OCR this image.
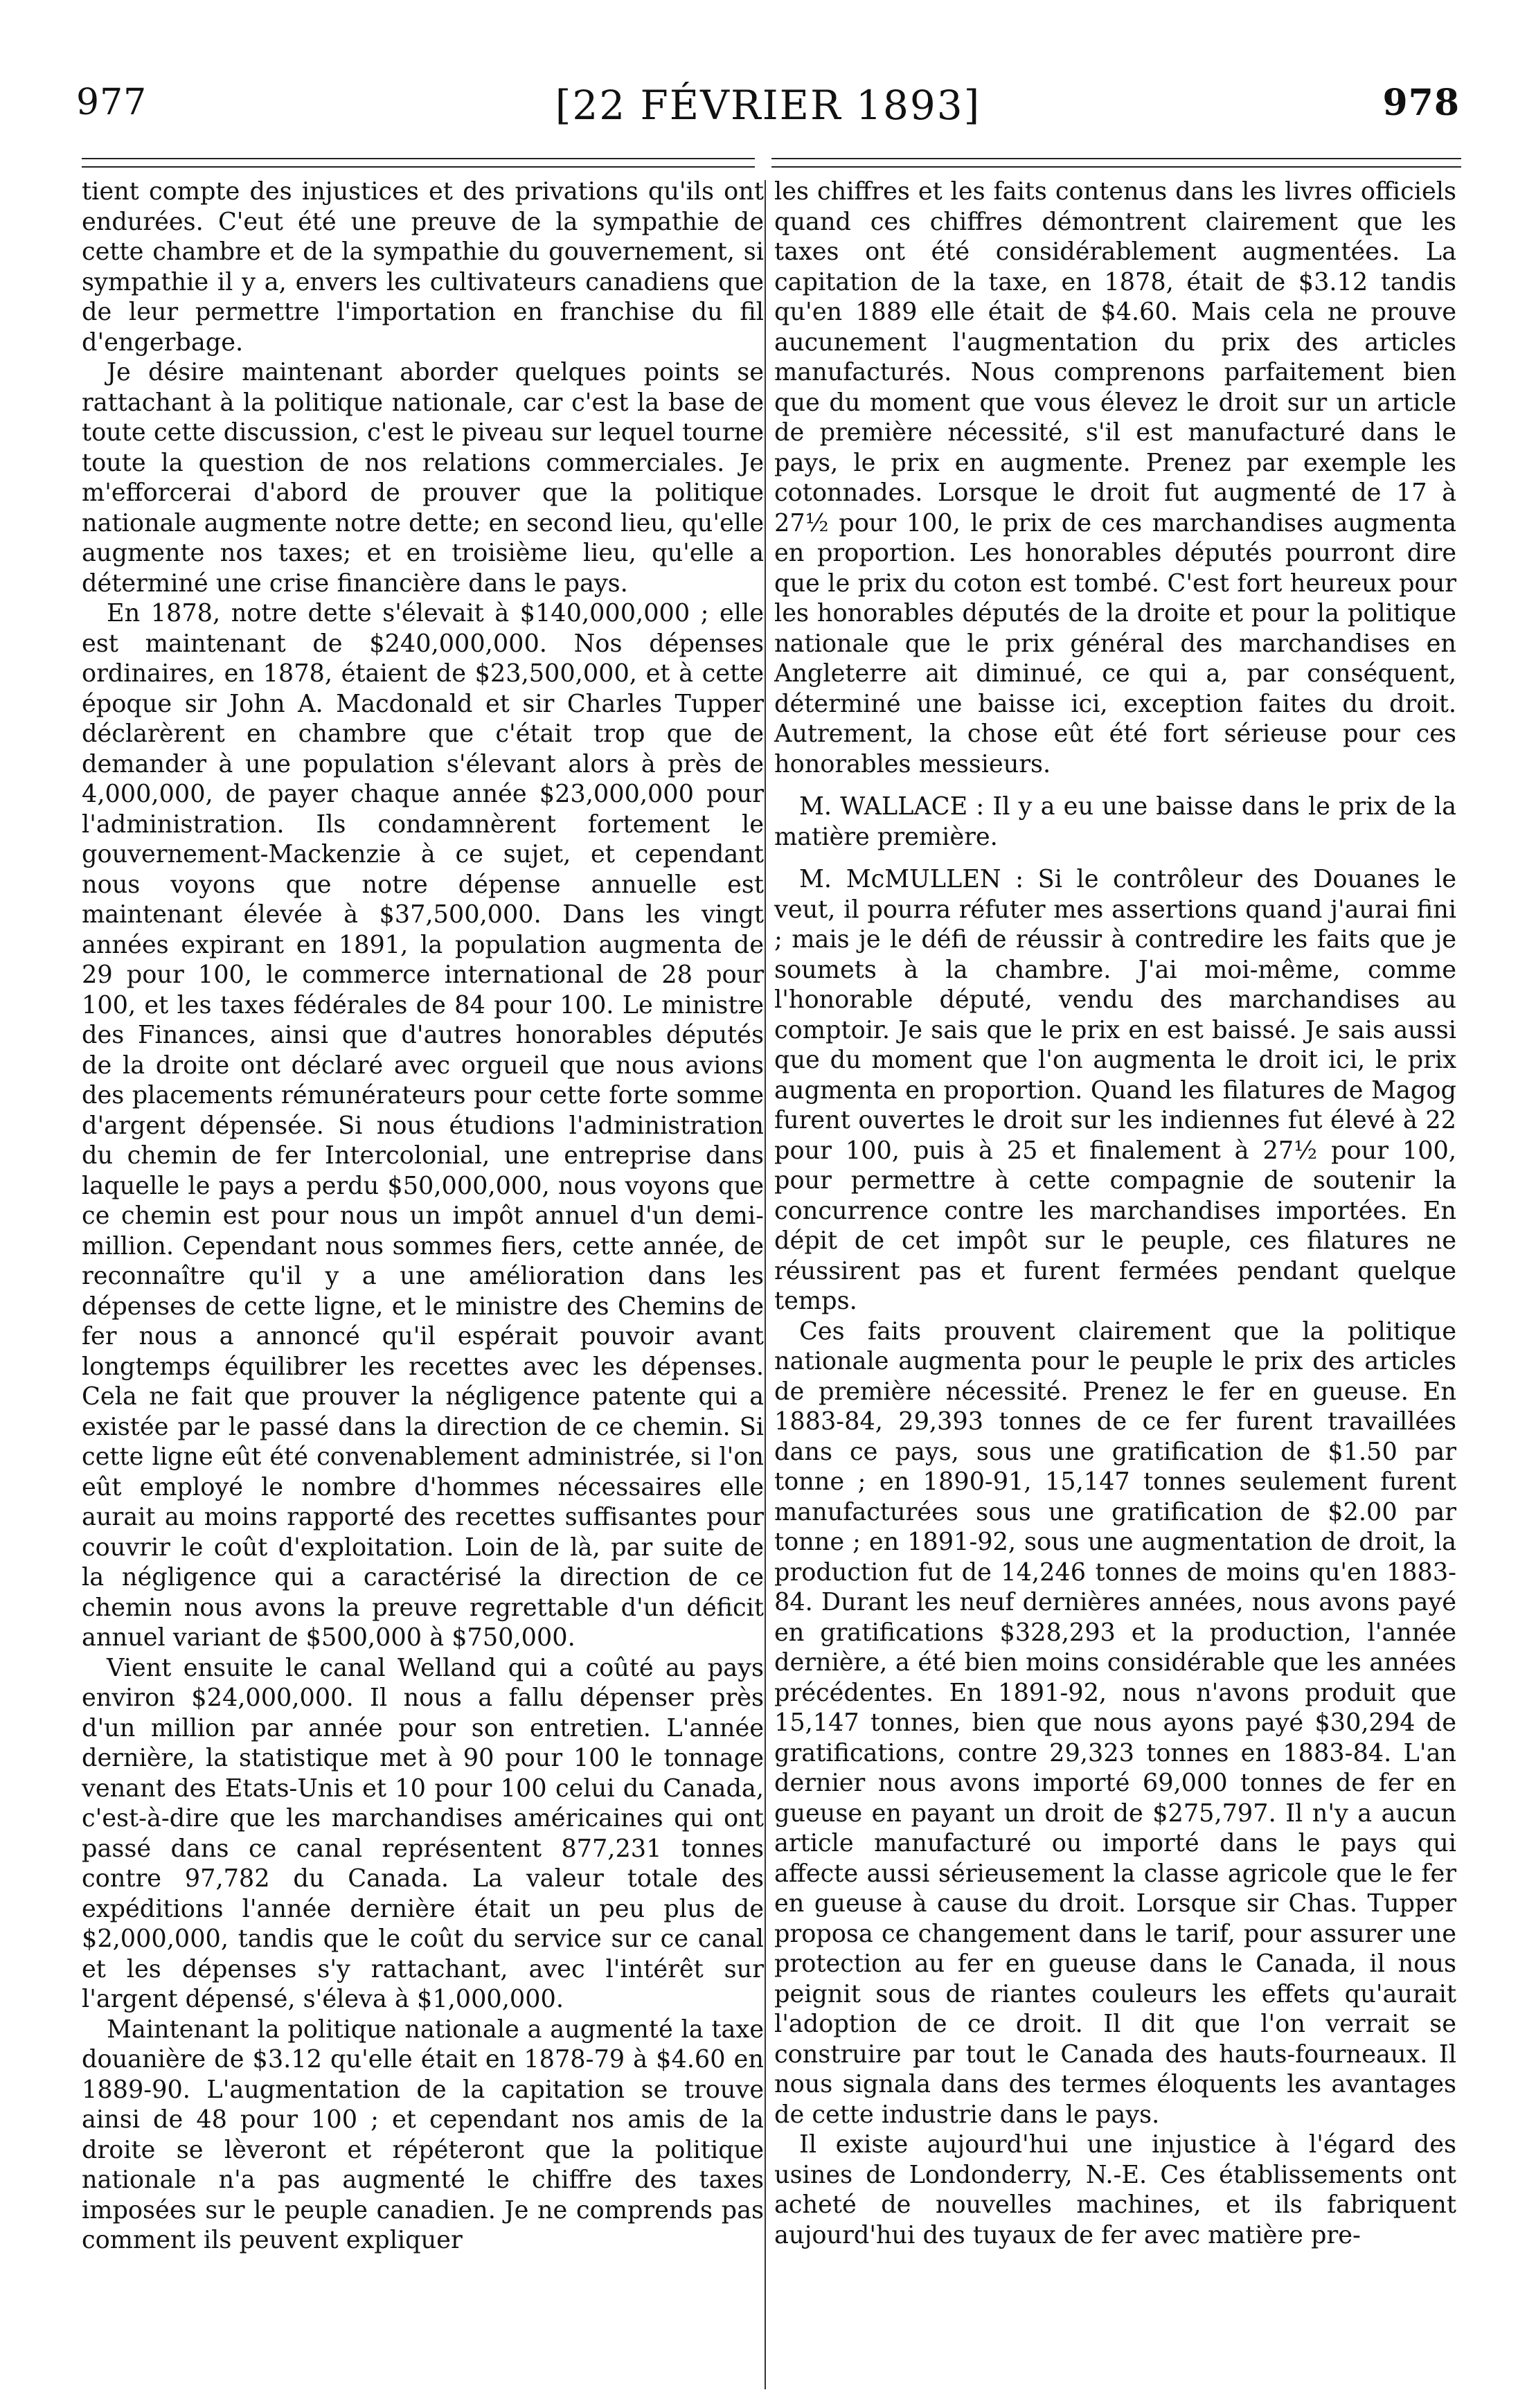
977	[22 FÉVRIER 1893]	978

tient compte des injustices et des privations qu'ils ont endurées. C'eut été une preuve de la sympathie de cette chambre et de la sympathie du gouvernement, si sympathie il y a, envers les cultivateurs canadiens que de leur permettre l'importation en franchise du fil d'engerbage.

Je désire maintenant aborder quelques points se rattachant à la politique nationale, car c'est la base de toute cette discussion, c'est le piveau sur lequel tourne toute la question de nos relations commerciales. Je m'efforcerai d'abord de prouver que la politique nationale augmente notre dette; en second lieu, qu'elle augmente nos taxes; et en troisième lieu, qu'elle a déterminé une crise financière dans le pays.

En 1878, notre dette s'élevait à $140,000,000 ; elle est maintenant de $240,000,000. Nos dépenses ordinaires, en 1878, étaient de $23,500,000, et à cette époque sir John A. Macdonald et sir Charles Tupper déclarèrent en chambre que c'était trop que de demander à une population s'élevant alors à près de 4,000,000, de payer chaque année $23,000,000 pour l'administration. Ils condamnèrent fortement le gouvernement-Mackenzie à ce sujet, et cependant nous voyons que notre dépense annuelle est maintenant élevée à $37,500,000. Dans les vingt années expirant en 1891, la population augmenta de 29 pour 100, le commerce international de 28 pour 100, et les taxes fédérales de 84 pour 100. Le ministre des Finances, ainsi que d'autres honorables députés de la droite ont déclaré avec orgueil que nous avions des placements rémunérateurs pour cette forte somme d'argent dépensée. Si nous étudions l'administration du chemin de fer Intercolonial, une entreprise dans laquelle le pays a perdu $50,000,000, nous voyons que ce chemin est pour nous un impôt annuel d'un demi-million. Cependant nous sommes fiers, cette année, de reconnaître qu'il y a une amélioration dans les dépenses de cette ligne, et le ministre des Chemins de fer nous a annoncé qu'il espérait pouvoir avant longtemps équilibrer les recettes avec les dépenses. Cela ne fait que prouver la négligence patente qui a existée par le passé dans la direction de ce chemin. Si cette ligne eût été convenablement administrée, si l'on eût employé le nombre d'hommes nécessaires elle aurait au moins rapporté des recettes suffisantes pour couvrir le coût d'exploitation. Loin de là, par suite de la négligence qui a caractérisé la direction de ce chemin nous avons la preuve regrettable d'un déficit annuel variant de $500,000 à $750,000.

Vient ensuite le canal Welland qui a coûté au pays environ $24,000,000. Il nous a fallu dépenser près d'un million par année pour son entretien. L'année dernière, la statistique met à 90 pour 100 le tonnage venant des Etats-Unis et 10 pour 100 celui du Canada, c'est-à-dire que les marchandises américaines qui ont passé dans ce canal représentent 877,231 tonnes contre 97,782 du Canada. La valeur totale des expéditions l'année dernière était un peu plus de $2,000,000, tandis que le coût du service sur ce canal et les dépenses s'y rattachant, avec l'intérêt sur l'argent dépensé, s'éleva à $1,000,000.

Maintenant la politique nationale a augmenté la taxe douanière de $3.12 qu'elle était en 1878-79 à $4.60 en 1889-90. L'augmentation de la capitation se trouve ainsi de 48 pour 100 ; et cependant nos amis de la droite se lèveront et répéteront que la politique nationale n'a pas augmenté le chiffre des taxes imposées sur le peuple canadien. Je ne comprends pas comment ils peuvent expliquer

les chiffres et les faits contenus dans les livres officiels quand ces chiffres démontrent clairement que les taxes ont été considérablement augmentées. La capitation de la taxe, en 1878, était de $3.12 tandis qu'en 1889 elle était de $4.60. Mais cela ne prouve aucunement l'augmentation du prix des articles manufacturés. Nous comprenons parfaitement bien que du moment que vous élevez le droit sur un article de première nécessité, s'il est manufacturé dans le pays, le prix en augmente. Prenez par exemple les cotonnades. Lorsque le droit fut augmenté de 17 à 27½ pour 100, le prix de ces marchandises augmenta en proportion. Les honorables députés pourront dire que le prix du coton est tombé. C'est fort heureux pour les honorables députés de la droite et pour la politique nationale que le prix général des marchandises en Angleterre ait diminué, ce qui a, par conséquent, déterminé une baisse ici, exception faites du droit. Autrement, la chose eût été fort sérieuse pour ces honorables messieurs.

M. WALLACE : Il y a eu une baisse dans le prix de la matière première.

M. McMULLEN : Si le contrôleur des Douanes le veut, il pourra réfuter mes assertions quand j'aurai fini ; mais je le défi de réussir à contredire les faits que je soumets à la chambre. J'ai moi-même, comme l'honorable député, vendu des marchandises au comptoir. Je sais que le prix en est baissé. Je sais aussi que du moment que l'on augmenta le droit ici, le prix augmenta en proportion. Quand les filatures de Magog furent ouvertes le droit sur les indiennes fut élevé à 22 pour 100, puis à 25 et finalement à 27½ pour 100, pour permettre à cette compagnie de soutenir la concurrence contre les marchandises importées. En dépit de cet impôt sur le peuple, ces filatures ne réussirent pas et furent fermées pendant quelque temps.

Ces faits prouvent clairement que la politique nationale augmenta pour le peuple le prix des articles de première nécessité. Prenez le fer en gueuse. En 1883-84, 29,393 tonnes de ce fer furent travaillées dans ce pays, sous une gratification de $1.50 par tonne ; en 1890-91, 15,147 tonnes seulement furent manufacturées sous une gratification de $2.00 par tonne ; en 1891-92, sous une augmentation de droit, la production fut de 14,246 tonnes de moins qu'en 1883-84. Durant les neuf dernières années, nous avons payé en gratifications $328,293 et la production, l'année dernière, a été bien moins considérable que les années précédentes. En 1891-92, nous n'avons produit que 15,147 tonnes, bien que nous ayons payé $30,294 de gratifications, contre 29,323 tonnes en 1883-84. L'an dernier nous avons importé 69,000 tonnes de fer en gueuse en payant un droit de $275,797. Il n'y a aucun article manufacturé ou importé dans le pays qui affecte aussi sérieusement la classe agricole que le fer en gueuse à cause du droit. Lorsque sir Chas. Tupper proposa ce changement dans le tarif, pour assurer une protection au fer en gueuse dans le Canada, il nous peignit sous de riantes couleurs les effets qu'aurait l'adoption de ce droit. Il dit que l'on verrait se construire par tout le Canada des hauts-fourneaux. Il nous signala dans des termes éloquents les avantages de cette industrie dans le pays.

Il existe aujourd'hui une injustice à l'égard des usines de Londonderry, N.-E. Ces établissements ont acheté de nouvelles machines, et ils fabriquent aujourd'hui des tuyaux de fer avec matière pre-
